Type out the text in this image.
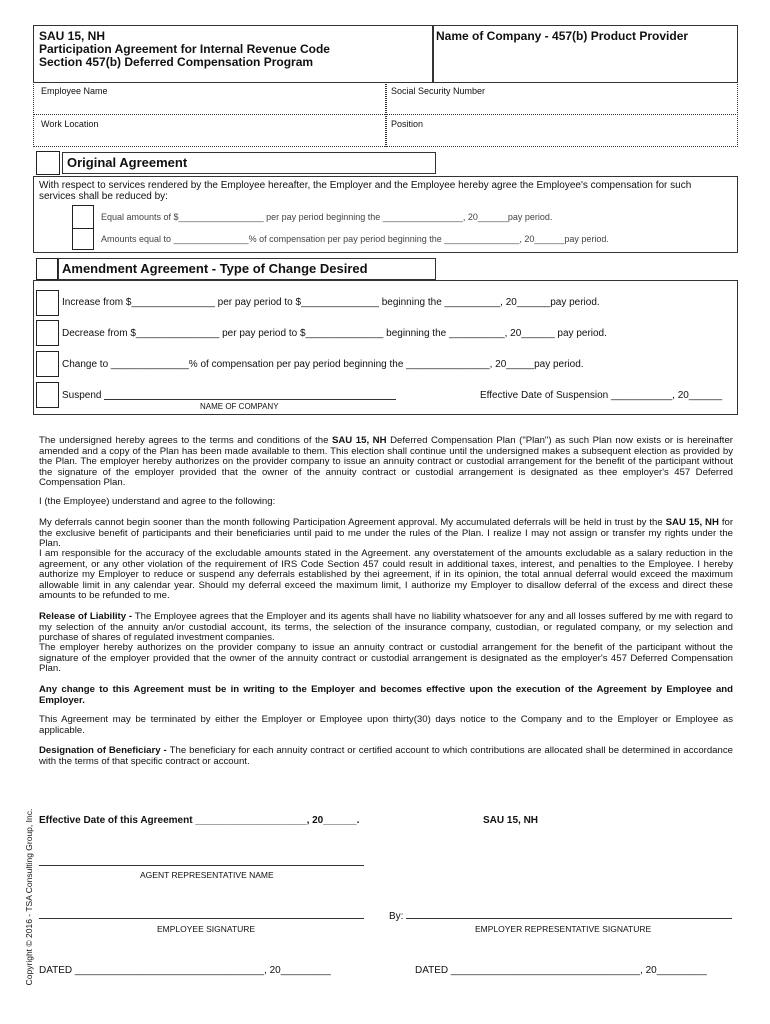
SAU 15, NH
Participation Agreement for Internal Revenue Code
Section 457(b) Deferred Compensation Program
Name of Company - 457(b) Product Provider
Employee Name	Social Security Number
Work Location	Position
Original Agreement
With respect to services rendered by the Employee hereafter, the Employer and the Employee hereby agree the Employee's compensation for such services shall be reduced by:
Equal amounts of $_________________ per pay period beginning the ________________, 20______pay period.
Amounts equal to _______________% of compensation per pay period beginning the _______________, 20______pay period.
Amendment Agreement - Type of Change Desired
Increase from $_______________ per pay period to $______________ beginning the __________, 20______pay period.
Decrease from $_______________ per pay period to $______________ beginning the __________, 20______ pay period.
Change to ______________% of compensation per pay period beginning the _______________, 20_____pay period.
Suspend
NAME OF COMPANY
Effective Date of Suspension ___________, 20______
The undersigned hereby agrees to the terms and conditions of the SAU 15, NH Deferred Compensation Plan ("Plan") as such Plan now exists or is hereinafter amended and a copy of the Plan has been made available to them. This election shall continue until the undersigned makes a subsequent election as provided by the Plan. The employer hereby authorizes on the provider company to issue an annuity contract or custodial arrangement for the benefit of the participant without the signature of the employer provided that the owner of the annuity contract or custodial arrangement is designated as thee employer's 457 Deferred Compensation Plan.
I (the Employee) understand and agree to the following:
My deferrals cannot begin sooner than the month following Participation Agreement approval. My accumulated deferrals will be held in trust by the SAU 15, NH for the exclusive benefit of participants and their beneficiaries until paid to me under the rules of the Plan. I realize I may not assign or transfer my rights under the Plan.
I am responsible for the accuracy of the excludable amounts stated in the Agreement. any overstatement of the amounts excludable as a salary reduction in the agreement, or any other violation of the requirement of IRS Code Section 457 could result in additional taxes, interest, and penalties to the Employee. I hereby authorize my Employer to reduce or suspend any deferrals established by thei agreement, if in its opinion, the total annual deferral would exceed the maximum allowable limit in any calendar year. Should my deferral exceed the maximum limit, I authorize my Employer to disallow deferral of the excess and direct these amounts to be refunded to me.
Release of Liability - The Employee agrees that the Employer and its agents shall have no liability whatsoever for any and all losses suffered by me with regard to my selection of the annuity an/or custodial account, its terms, the selection of the insurance company, custodian, or regulated company, or my selection and purchase of shares of regulated investment companies.
The employer hereby authorizes on the provider company to issue an annuity contract or custodial arrangement for the benefit of the participant without the signature of the employer provided that the owner of the annuity contract or custodial arrangement is designated as the employer's 457 Deferred Compensation Plan.
Any change to this Agreement must be in writing to the Employer and becomes effective upon the execution of the Agreement by Employee and Employer.
This Agreement may be terminated by either the Employer or Employee upon thirty(30) days notice to the Company and to the Employer or Employee as applicable.
Designation of Beneficiary - The beneficiary for each annuity contract or certified account to which contributions are allocated shall be determined in accordance with the terms of that specific contract or account.
Effective Date of this Agreement ____________________, 20______.	SAU 15, NH
AGENT REPRESENTATIVE NAME
EMPLOYEE SIGNATURE
By:
EMPLOYER REPRESENTATIVE SIGNATURE
DATED __________________________________, 20_________	DATED __________________________________, 20_________
Copyright © 2016 - TSA Consulting Group, Inc.
